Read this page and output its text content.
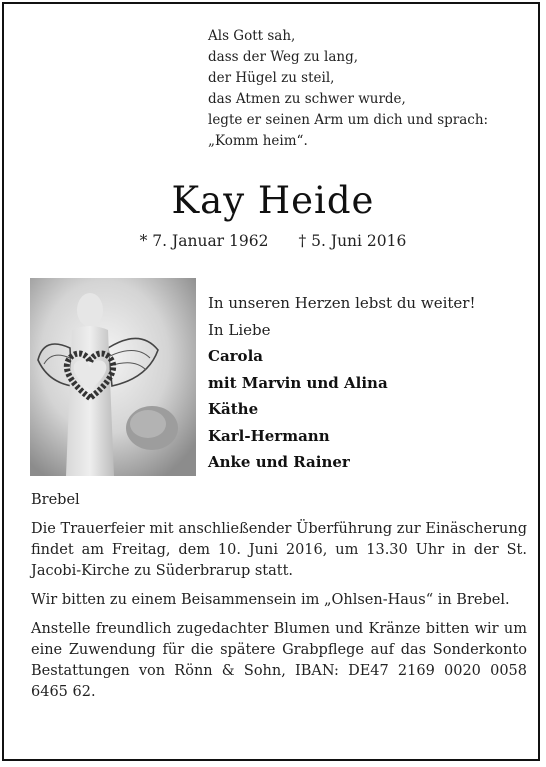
Als Gott sah,
dass der Weg zu lang,
der Hügel zu steil,
das Atmen zu schwer wurde,
legte er seinen Arm um dich und sprach:
„Komm heim“.
Kay Heide
* 7. Januar 1962 † 5. Juni 2016
In unseren Herzen lebst du weiter!
In Liebe
Carola
mit Marvin und Alina
Käthe
Karl-Hermann
Anke und Rainer

Brebel

Die Trauerfeier mit anschließender Überführung zur Einäscherung findet am Freitag, dem 10. Juni 2016, um 13.30 Uhr in der St. Jacobi-Kirche zu Süderbrarup statt.

Wir bitten zu einem Beisammensein im „Ohlsen-Haus“ in Brebel.

Anstelle freundlich zugedachter Blumen und Kränze bitten wir um eine Zuwendung für die spätere Grabpflege auf das Sonderkonto Bestattungen von Rönn & Sohn, IBAN: DE47 2169 0020 0058 6465 62.
